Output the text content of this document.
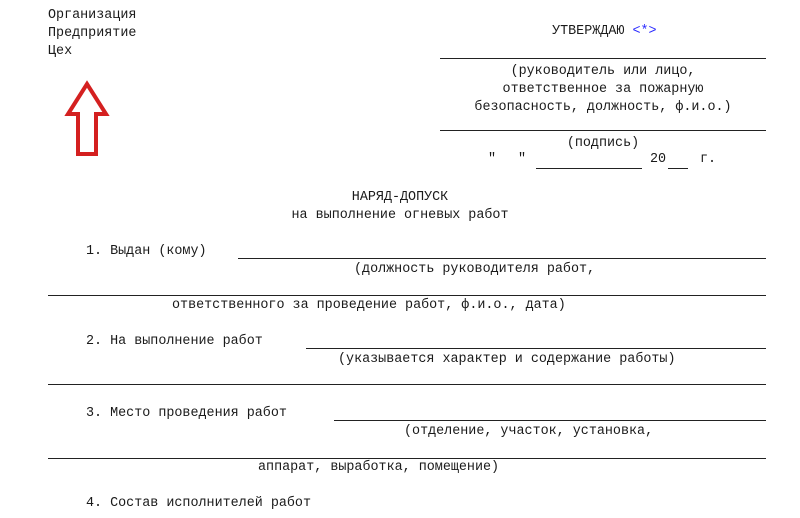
Организация
Предприятие
Цех

УТВЕРЖДАЮ <*>

(руководитель или лицо,
ответственное за пожарную
безопасность, должность, ф.и.о.)
(подпись)
" "	20	г.
НАРЯД-ДОПУСК
на выполнение огневых работ
1. Выдан (кому)
(должность руководителя работ,
ответственного за проведение работ, ф.и.о., дата)
2. На выполнение работ
(указывается характер и содержание работы)
3. Место проведения работ
(отделение, участок, установка,
аппарат, выработка, помещение)
4. Состав исполнителей работ
